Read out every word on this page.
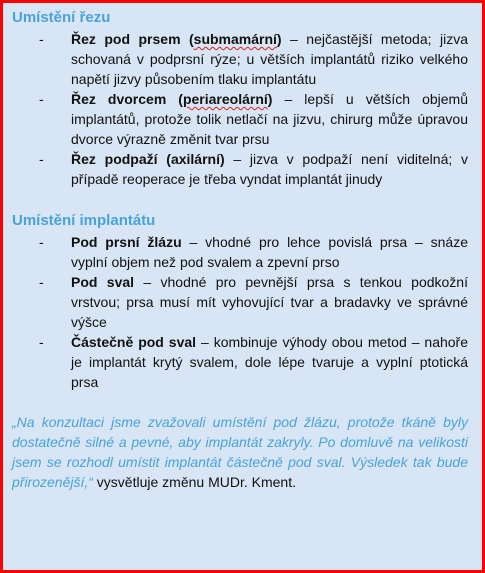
Umístění řezu
- Řez pod prsem (submamární) – nejčastější metoda; jizva schovaná v podprsní rýze; u větších implantátů riziko velkého napětí jizvy působením tlaku implantátu
- Řez dvorcem (periareolární) – lepší u větších objemů implantátů, protože tolik netlačí na jizvu, chirurg může úpravou dvorce výrazně změnit tvar prsu
- Řez podpaží (axilární) – jizva v podpaží není viditelná; v případě reoperace je třeba vyndat implantát jinudy
Umístění implantátu
- Pod prsní žlázu – vhodné pro lehce povislá prsa – snáze vyplní objem než pod svalem a zpevní prso
- Pod sval – vhodné pro pevnější prsa s tenkou podkožní vrstvou; prsa musí mít vyhovující tvar a bradavky ve správné výšce
- Částečně pod sval – kombinuje výhody obou metod – nahoře je implantát krytý svalem, dole lépe tvaruje a vyplní ptotická prsa
„Na konzultaci jsme zvažovali umístění pod žlázu, protože tkáně byly dostatečně silné a pevné, aby implantát zakryly. Po domluvě na velikosti jsem se rozhodl umístit implantát částečně pod sval. Výsledek tak bude přirozenější,“ vysvětluje změnu MUDr. Kment.
